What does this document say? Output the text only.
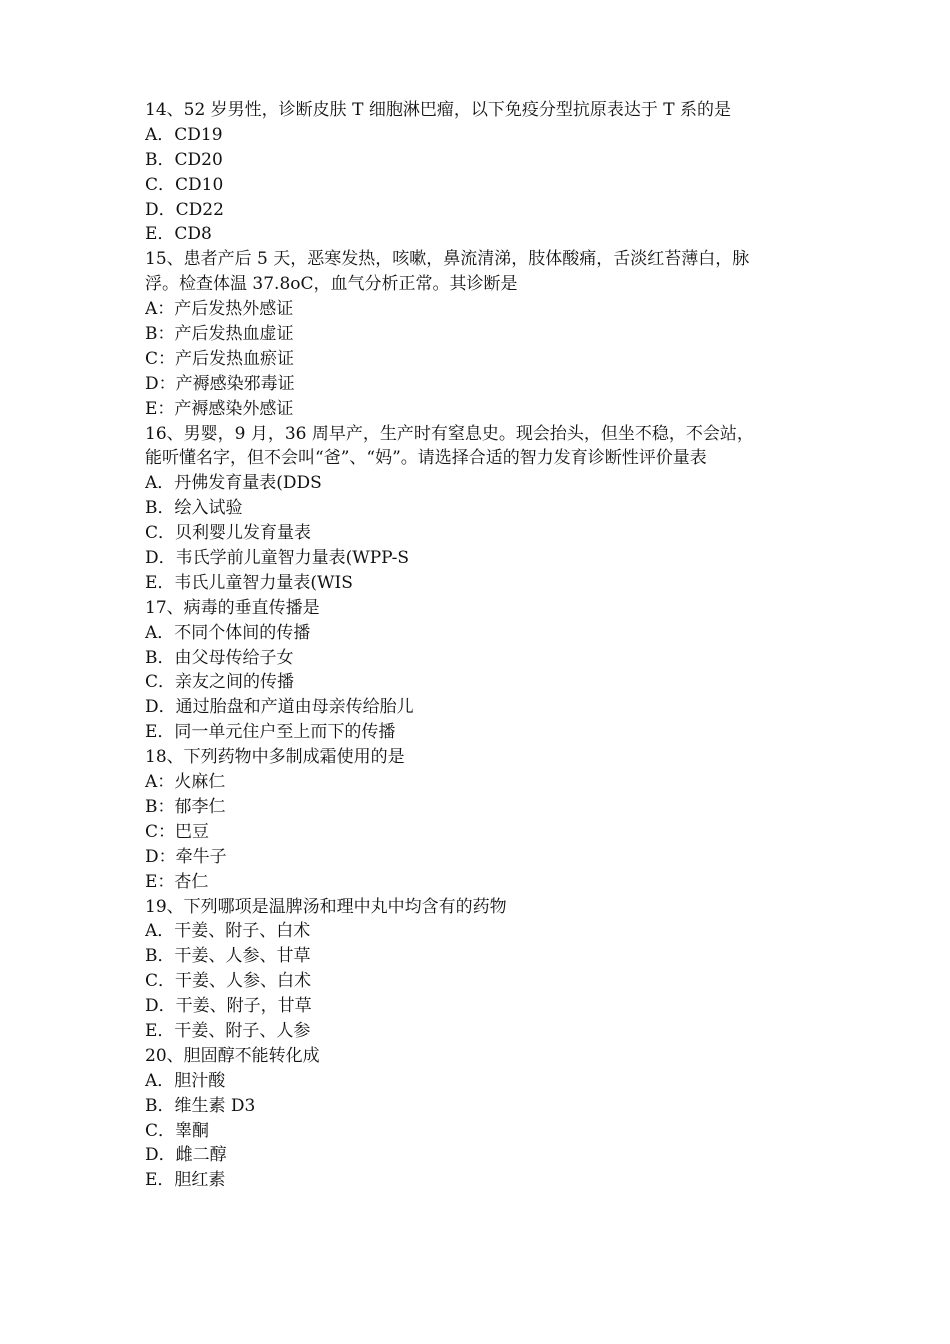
14、52 岁男性，诊断皮肤 T 细胞淋巴瘤，以下免疫分型抗原表达于 T 系的是
A．CD19
B．CD20
C．CD10
D．CD22
E．CD8
15、患者产后 5 天，恶寒发热，咳嗽，鼻流清涕，肢体酸痛，舌淡红苔薄白，脉
浮。检查体温 37.8oC，血气分析正常。其诊断是
A：产后发热外感证
B：产后发热血虚证
C：产后发热血瘀证
D：产褥感染邪毒证
E：产褥感染外感证
16、男婴，9 月，36 周早产，生产时有窒息史。现会抬头，但坐不稳，不会站，
能听懂名字，但不会叫“爸”、“妈”。请选择合适的智力发育诊断性评价量表
A．丹佛发育量表(DDS
B．绘入试验
C．贝利婴儿发育量表
D．韦氏学前儿童智力量表(WPP-S
E．韦氏儿童智力量表(WIS
17、病毒的垂直传播是
A．不同个体间的传播
B．由父母传给子女
C．亲友之间的传播
D．通过胎盘和产道由母亲传给胎儿
E．同一单元住户至上而下的传播
18、下列药物中多制成霜使用的是
A：火麻仁
B：郁李仁
C：巴豆
D：牵牛子
E：杏仁
19、下列哪项是温脾汤和理中丸中均含有的药物
A．干姜、附子、白术
B．干姜、人参、甘草
C．干姜、人参、白术
D．干姜、附子，甘草
E．干姜、附子、人参
20、胆固醇不能转化成
A．胆汁酸
B．维生素 D3
C．睾酮
D．雌二醇
E．胆红素
